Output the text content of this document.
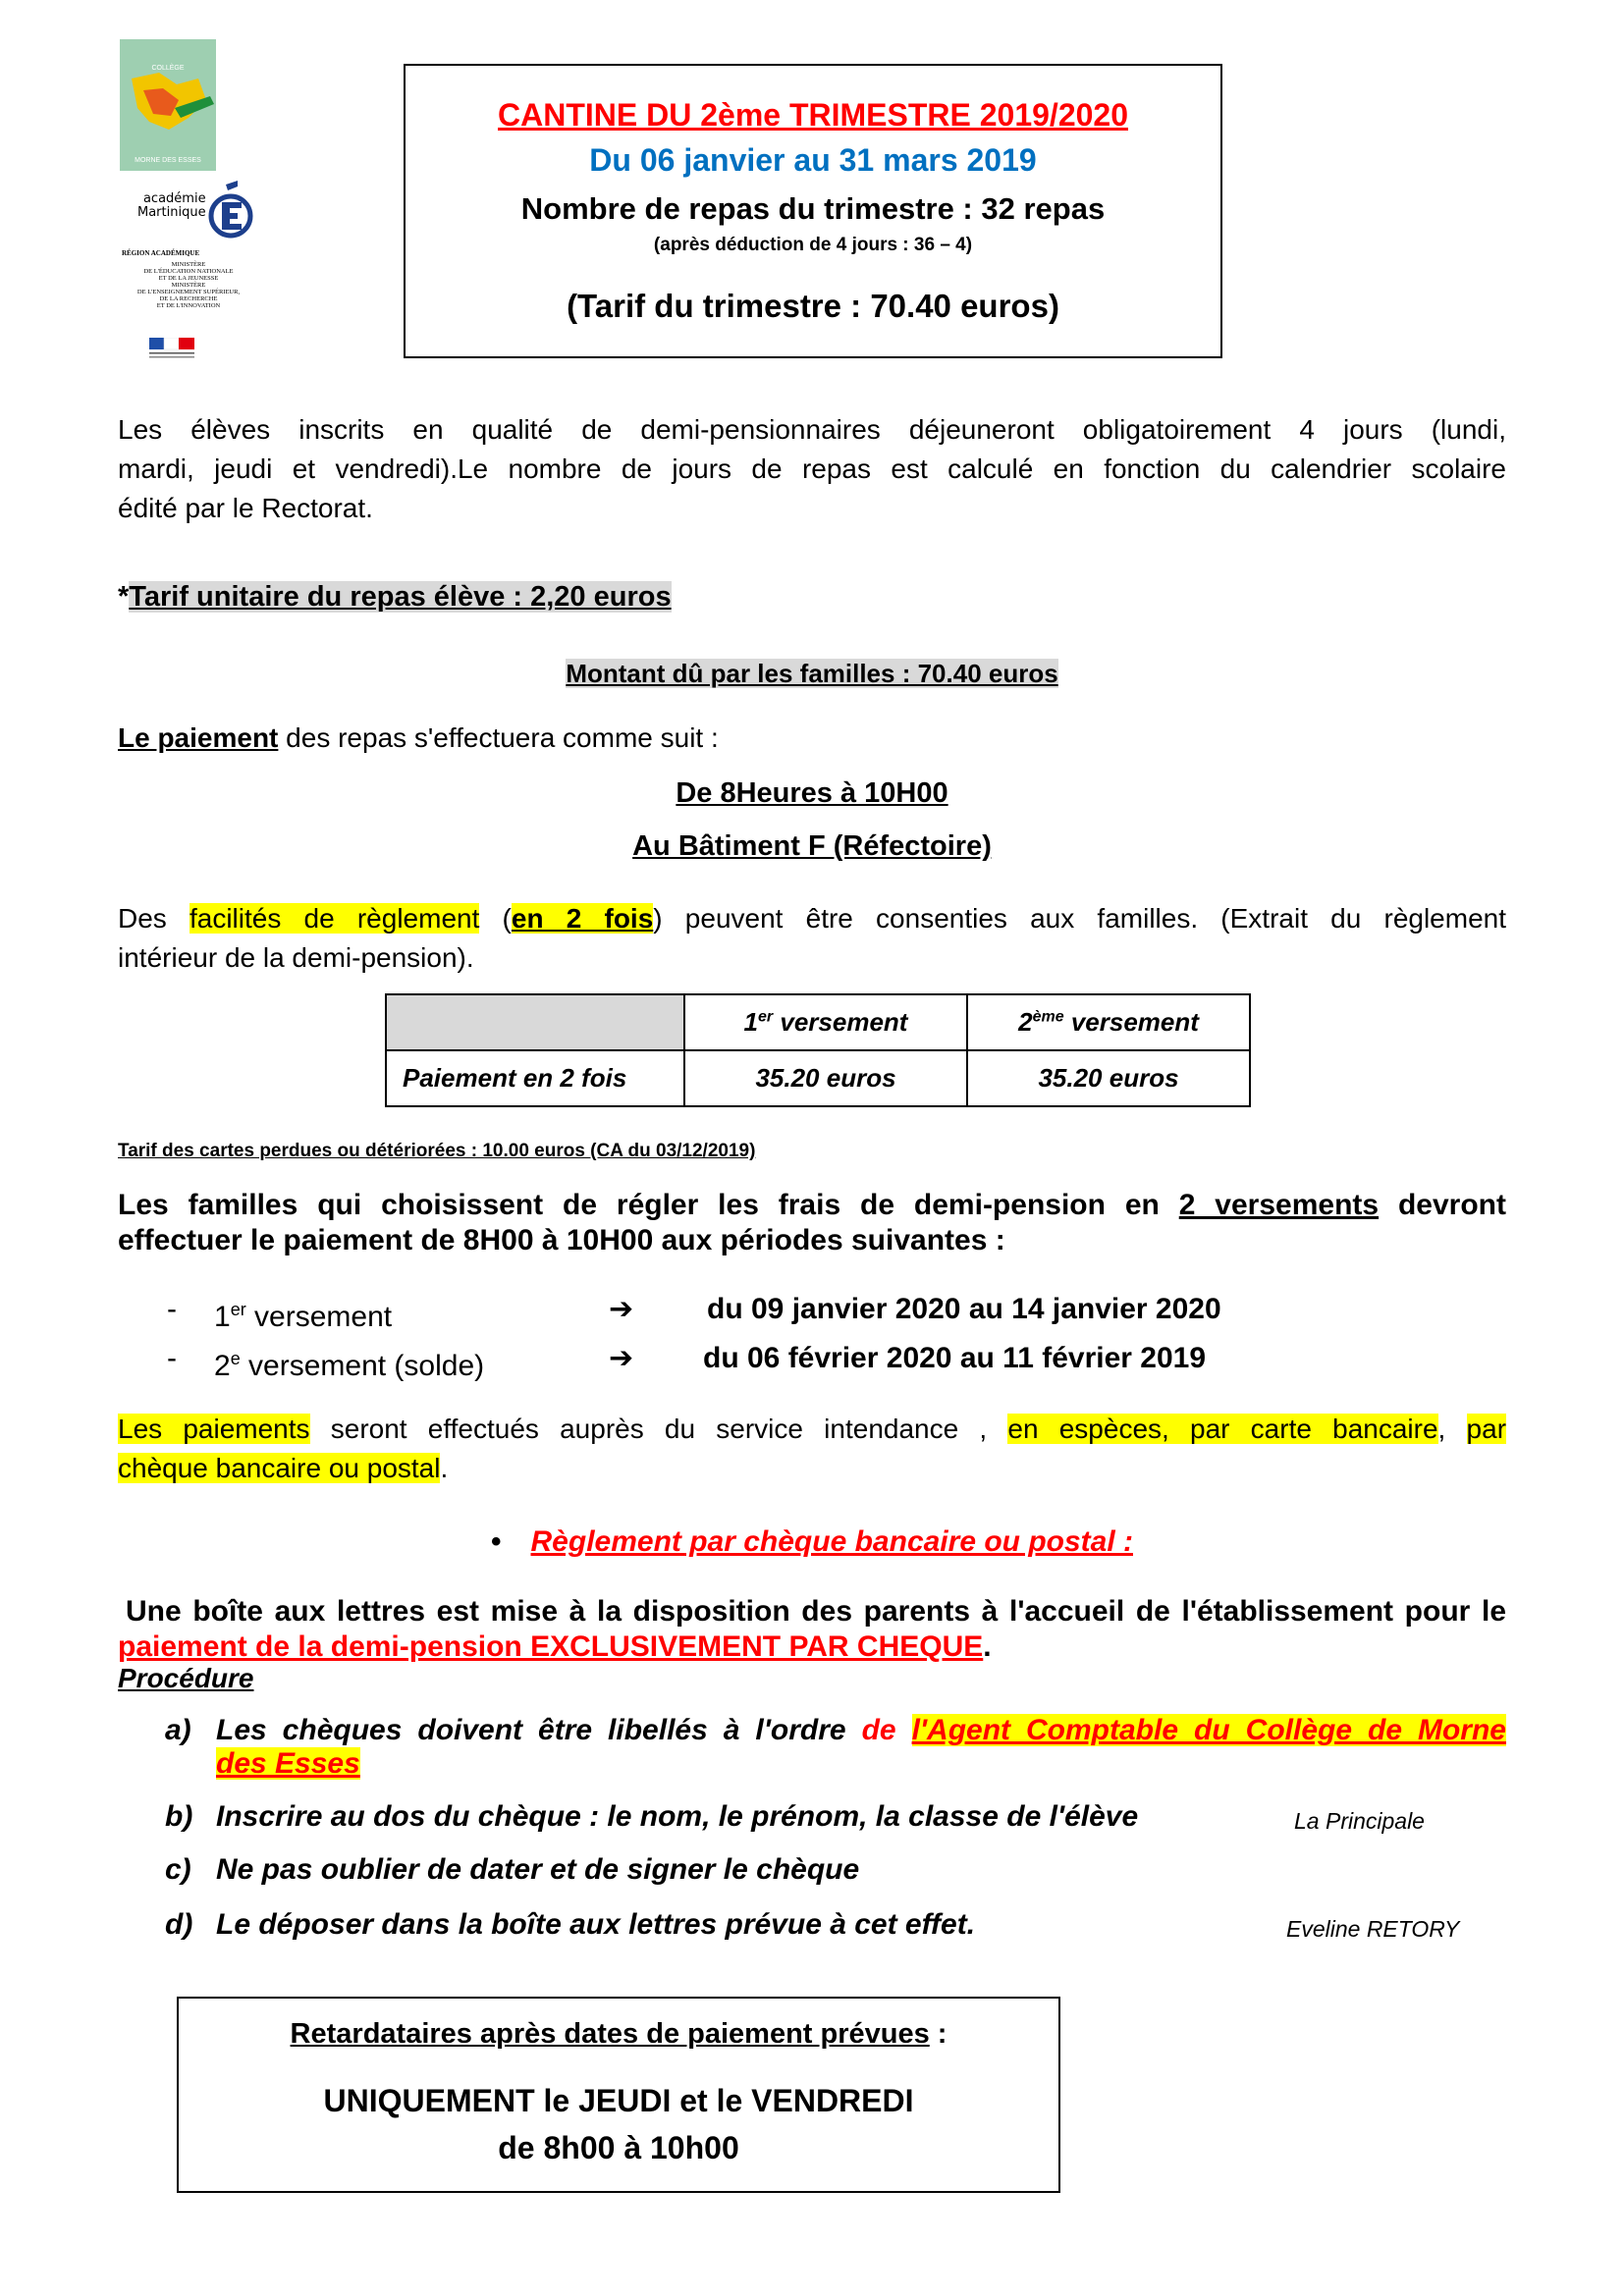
COLLÈGE
MORNE DES ESSES
académie
Martinique
RÉGION ACADÉMIQUE
MINISTÈRE
DE L'ÉDUCATION NATIONALE
ET DE LA JEUNESSE
MINISTÈRE
DE L'ENSEIGNEMENT SUPÉRIEUR,
DE LA RECHERCHE
ET DE L'INNOVATION
CANTINE DU 2ème TRIMESTRE 2019/2020
Du 06 janvier au 31 mars 2019
Nombre de repas du trimestre : 32 repas
(après déduction de 4 jours : 36 – 4)
(Tarif du trimestre : 70.40 euros)
Les élèves inscrits en qualité de demi-pensionnaires déjeuneront obligatoirement 4 jours (lundi,
mardi, jeudi et vendredi).Le nombre de jours de repas est calculé en fonction du calendrier scolaire
édité par le Rectorat.
*Tarif unitaire du repas élève : 2,20 euros
Montant dû par les familles : 70.40 euros
Le paiement des repas s'effectuera comme suit :
De 8Heures à 10H00
Au Bâtiment F (Réfectoire)
Des facilités de règlement (en 2 fois) peuvent être consenties aux familles. (Extrait du règlement
intérieur de la demi-pension).
	1er versement	2ème versement
Paiement en 2 fois	35.20 euros	35.20 euros
Tarif des cartes perdues ou détériorées : 10.00 euros (CA du 03/12/2019)
Les familles qui choisissent de régler les frais de demi-pension en 2 versements devront
effectuer le paiement de 8H00 à 10H00 aux périodes suivantes :
- 1er versement	➔ du 09 janvier 2020 au 14 janvier 2020
- 2e versement (solde)	➔ du 06 février 2020 au 11 février 2019
Les paiements seront effectués auprès du service intendance , en espèces, par carte bancaire, par
chèque bancaire ou postal.
• Règlement par chèque bancaire ou postal :
Une boîte aux lettres est mise à la disposition des parents à l'accueil de l'établissement pour le
paiement de la demi-pension EXCLUSIVEMENT PAR CHEQUE.
Procédure
a) Les chèques doivent être libellés à l'ordre de l'Agent Comptable du Collège de Morne
des Esses
b) Inscrire au dos du chèque : le nom, le prénom, la classe de l'élève
c) Ne pas oublier de dater et de signer le chèque
d) Le déposer dans la boîte aux lettres prévue à cet effet.
La Principale
Eveline RETORY
Retardataires après dates de paiement prévues :
UNIQUEMENT le JEUDI et le VENDREDI
de 8h00 à 10h00
